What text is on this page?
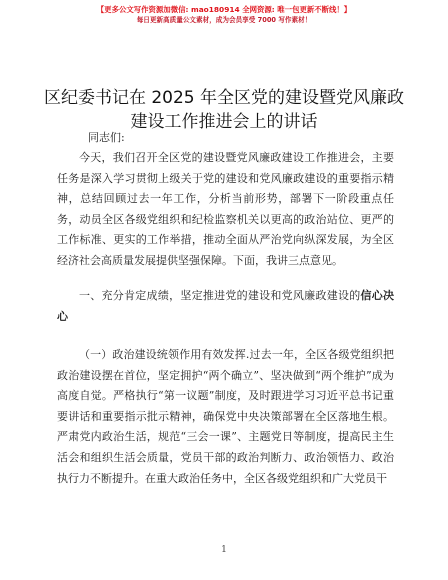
【更多公文写作资源加微信: mao180914 全网资源: 唯一包更新不断线！】
每日更新高质量公文素材，成为会员享受 7000 写作素材！
区纪委书记在 2025 年全区党的建设暨党风廉政
建设工作推进会上的讲话
同志们:

今天，我们召开全区党的建设暨党风廉政建设工作推进会，主要任务是深入学习贯彻上级关于党的建设和党风廉政建设的重要指示精神，总结回顾过去一年工作，分析当前形势，部署下一阶段重点任务，动员全区各级党组织和纪检监察机关以更高的政治站位、更严的工作标准、更实的工作举措，推动全面从严治党向纵深发展，为全区经济社会高质量发展提供坚强保障。下面，我讲三点意见。

一、充分肯定成绩，坚定推进党的建设和党风廉政建设的信心决心

（一）政治建设统领作用有效发挥.过去一年，全区各级党组织把政治建设摆在首位，坚定拥护“两个确立”、坚决做到“两个维护”成为高度自觉。严格执行“第一议题”制度，及时跟进学习习近平总书记重要讲话和重要指示批示精神，确保党中央决策部署在全区落地生根。严肃党内政治生活，规范“三会一课”、主题党日等制度，提高民主生活会和组织生活会质量，党员干部的政治判断力、政治领悟力、政治执行力不断提升。在重大政治任务中，全区各级党组织和广大党员干

1
